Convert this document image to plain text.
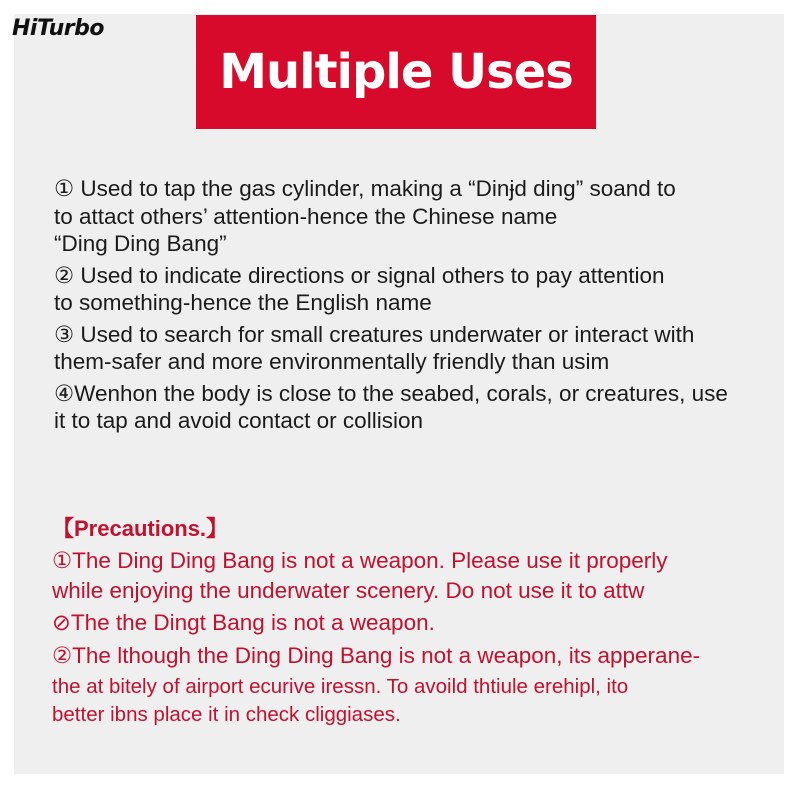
HiTurbo
Multiple Uses
① Used to tap the gas cylinder, making a “Dinɉd ding” soand to
to attact others’ attention-hence the Chinese name
“Ding Ding Bang”
② Used to indicate directions or signal others to pay attention
to something-hence the English name
③ Used to search for small creatures underwater or interact with
them-safer and more environmentally friendly than usim
④Wenhon the body is close to the seabed, corals, or creatures, use
it to tap and avoid contact or collision
【Precautions.】
①The Ding Ding Bang is not a weapon. Please use it properly
while enjoying the underwater scenery. Do not use it to attw
⊘The the Dingt Bang is not a weapon.
②The lthough the Ding Ding Bang is not a weapon, its apperane-
the at bitely of airport ecurive iressn. To avoild thtiule erehipl, ito
better ibns place it in check cliggiases.
